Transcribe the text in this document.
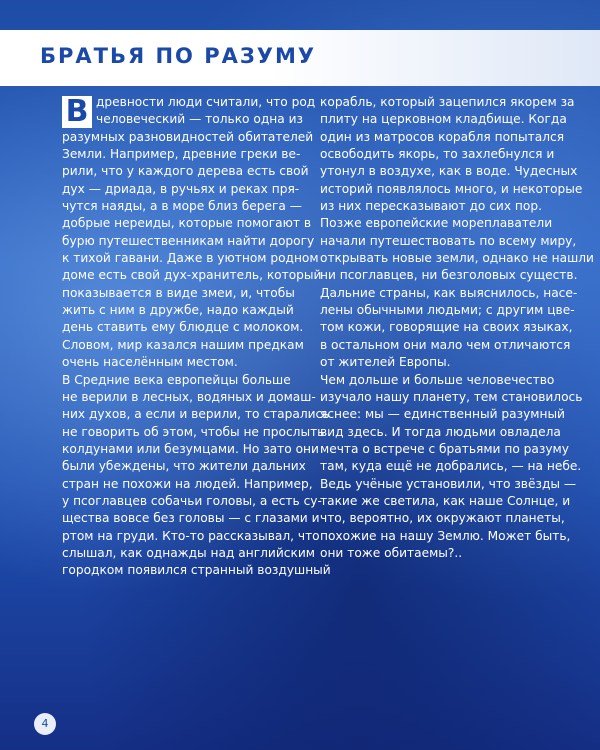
БРАТЬЯ ПО РАЗУМУ
В древности люди считали, что род
человеческий — только одна из
разумных разновидностей обитателей
Земли. Например, древние греки ве-
рили, что у каждого дерева есть свой
дух — дриада, в ручьях и реках пря-
чутся наяды, а в море близ берега —
добрые нереиды, которые помогают в
бурю путешественникам найти дорогу
к тихой гавани. Даже в уютном родном
доме есть свой дух-хранитель, который
показывается в виде змеи, и, чтобы
жить с ним в дружбе, надо каждый
день ставить ему блюдце с молоком.
Словом, мир казался нашим предкам
очень населённым местом.
В Средние века европейцы больше
не верили в лесных, водяных и домаш-
них духов, а если и верили, то старались
не говорить об этом, чтобы не прослыть
колдунами или безумцами. Но зато они
были убеждены, что жители дальних
стран не похожи на людей. Например,
у псоглавцев собачьи головы, а есть су-
щества вовсе без головы — с глазами и
ртом на груди. Кто-то рассказывал, что
слышал, как однажды над английским
городком появился странный воздушный
корабль, который зацепился якорем за
плиту на церковном кладбище. Когда
один из матросов корабля попытался
освободить якорь, то захлебнулся и
утонул в воздухе, как в воде. Чудесных
историй появлялось много, и некоторые
из них пересказывают до сих пор.
Позже европейские мореплаватели
начали путешествовать по всему миру,
открывать новые земли, однако не нашли
ни псоглавцев, ни безголовых существ.
Дальние страны, как выяснилось, насе-
лены обычными людьми; с другим цве-
том кожи, говорящие на своих языках,
в остальном они мало чем отличаются
от жителей Европы.
Чем дольше и больше человечество
изучало нашу планету, тем становилось
яснее: мы — единственный разумный
вид здесь. И тогда людьми овладела
мечта о встрече с братьями по разуму
там, куда ещё не добрались, — на небе.
Ведь учёные установили, что звёзды —
такие же светила, как наше Солнце, и
что, вероятно, их окружают планеты,
похожие на нашу Землю. Может быть,
они тоже обитаемы?..
4
